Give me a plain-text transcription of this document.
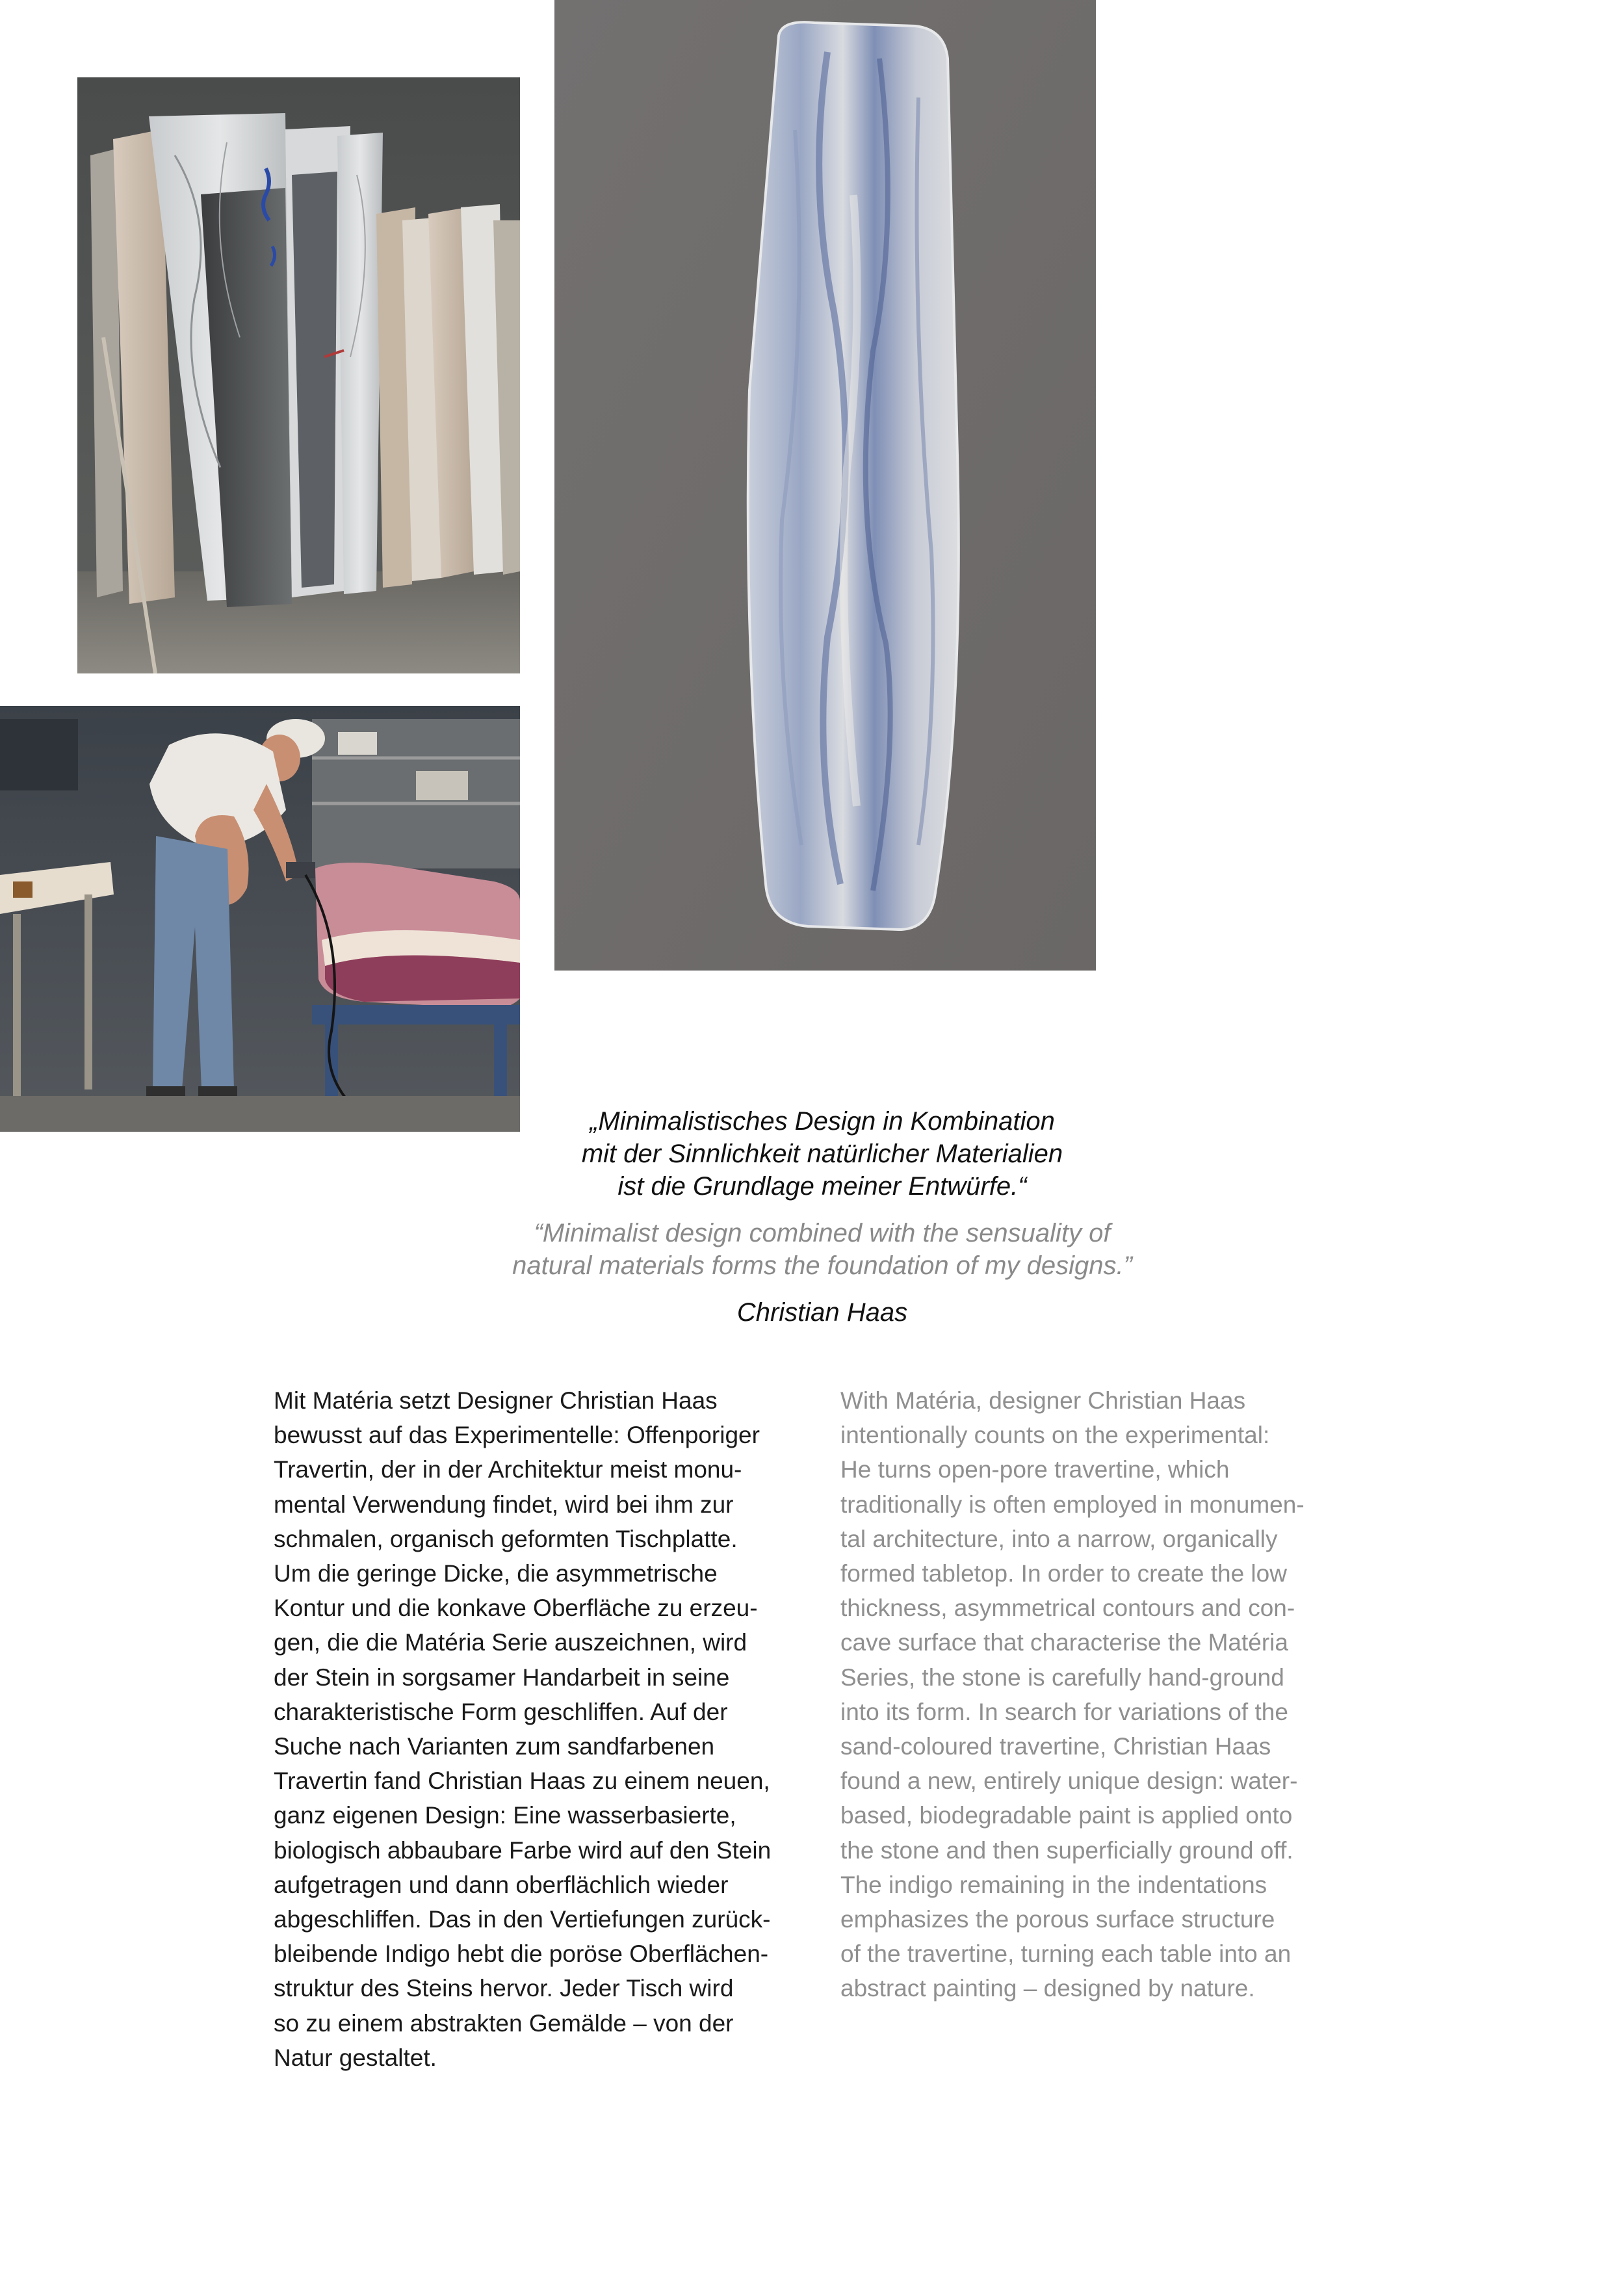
„Minimalistisches Design in Kombination
mit der Sinnlichkeit natürlicher Materialien
ist die Grundlage meiner Entwürfe.“

“Minimalist design combined with the sensuality of
natural materials forms the foundation of my designs.”

Christian Haas

Mit Matéria setzt Designer Christian Haas
bewusst auf das Experimentelle: Offenporiger
Travertin, der in der Architektur meist monu-
mental Verwendung findet, wird bei ihm zur
schmalen, organisch geformten Tischplatte.
Um die geringe Dicke, die asymmetrische
Kontur und die konkave Oberfläche zu erzeu-
gen, die die Matéria Serie auszeichnen, wird
der Stein in sorgsamer Handarbeit in seine
charakteristische Form geschliffen. Auf der
Suche nach Varianten zum sandfarbenen
Travertin fand Christian Haas zu einem neuen,
ganz eigenen Design: Eine wasserbasierte,
biologisch abbaubare Farbe wird auf den Stein
aufgetragen und dann oberflächlich wieder
abgeschliffen. Das in den Vertiefungen zurück-
bleibende Indigo hebt die poröse Oberflächen-
struktur des Steins hervor. Jeder Tisch wird
so zu einem abstrakten Gemälde – von der
Natur gestaltet.

With Matéria, designer Christian Haas
intentionally counts on the experimental:
He turns open-pore travertine, which
traditionally is often employed in monumen-
tal architecture, into a narrow, organically
formed tabletop. In order to create the low
thickness, asymmetrical contours and con-
cave surface that characterise the Matéria
Series, the stone is carefully hand-ground
into its form. In search for variations of the
sand-coloured travertine, Christian Haas
found a new, entirely unique design: water-
based, biodegradable paint is applied onto
the stone and then superficially ground off.
The indigo remaining in the indentations
emphasizes the porous surface structure
of the travertine, turning each table into an
abstract painting – designed by nature.
